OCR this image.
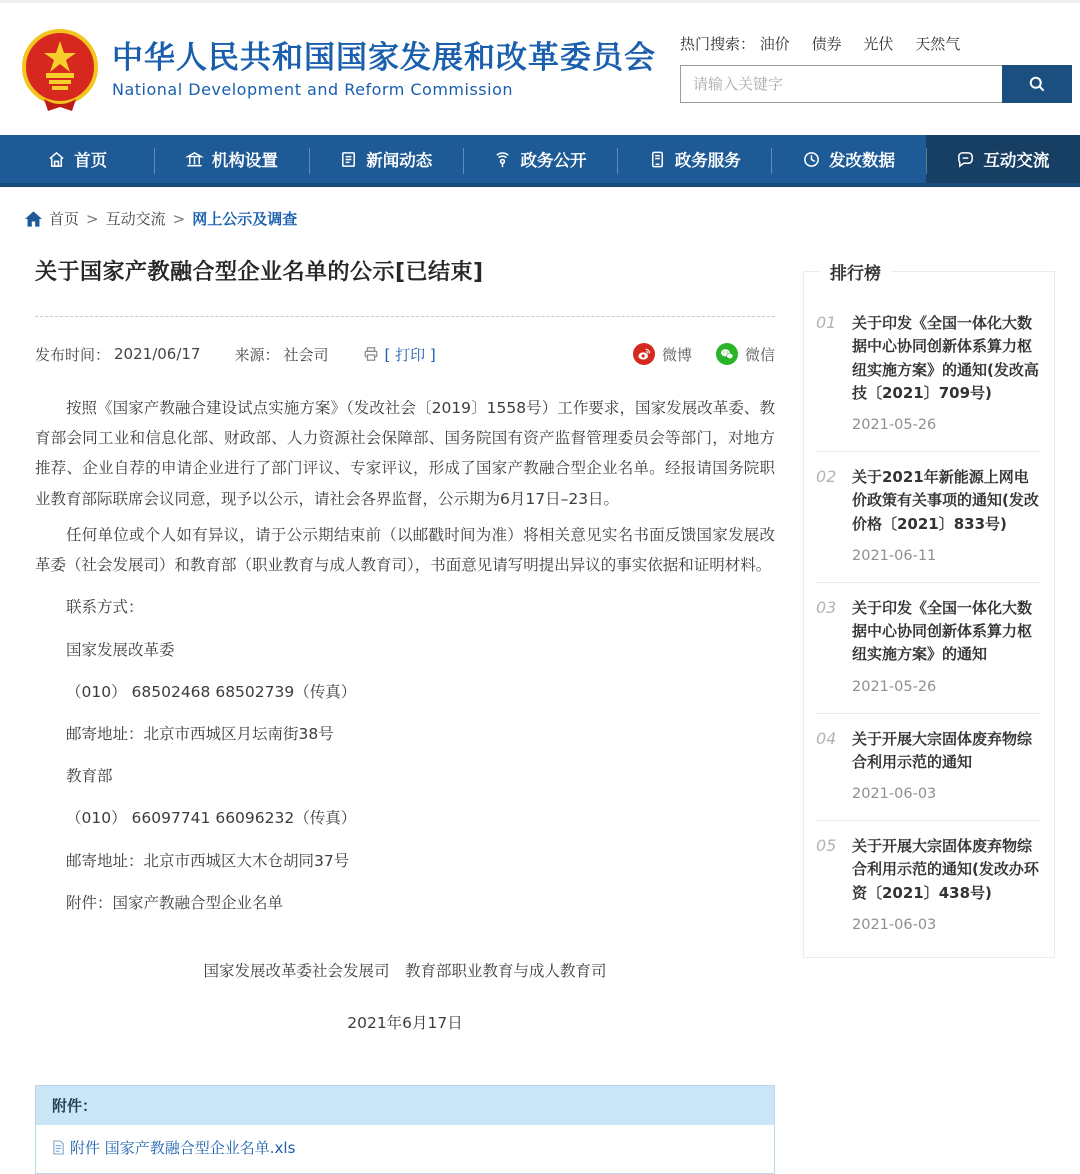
中华人民共和国国家发展和改革委员会
National Development and Reform Commission
热门搜索： 油价 债券 光伏 天然气
请输入关键字
首页	机构设置	新闻动态	政务公开	政务服务	发改数据	互动交流
首页 > 互动交流 > 网上公示及调查
关于国家产教融合型企业名单的公示[已结束]
发布时间： 2021/06/17 来源： 社会司	[ 打印 ]	微博	微信

按照《国家产教融合建设试点实施方案》（发改社会〔2019〕1558号）工作要求，国家发展改革委、教育部会同工业和信息化部、财政部、人力资源社会保障部、国务院国有资产监督管理委员会等部门，对地方推荐、企业自荐的申请企业进行了部门评议、专家评议，形成了国家产教融合型企业名单。经报请国务院职业教育部际联席会议同意，现予以公示，请社会各界监督，公示期为6月17日–23日。

任何单位或个人如有异议，请于公示期结束前（以邮戳时间为准）将相关意见实名书面反馈国家发展改革委（社会发展司）和教育部（职业教育与成人教育司），书面意见请写明提出异议的事实依据和证明材料。

联系方式：

国家发展改革委

（010） 68502468 68502739（传真）

邮寄地址：北京市西城区月坛南街38号

教育部

（010） 66097741 66096232（传真）

邮寄地址：北京市西城区大木仓胡同37号

附件：国家产教融合型企业名单

国家发展改革委社会发展司　教育部职业教育与成人教育司
2021年6月17日
附件：
附件 国家产教融合型企业名单.xls
排行榜
01	关于印发《全国一体化大数据中心协同创新体系算力枢纽实施方案》的通知(发改高技〔2021〕709号)
2021-05-26
02	关于2021年新能源上网电价政策有关事项的通知(发改价格〔2021〕833号)
2021-06-11
03	关于印发《全国一体化大数据中心协同创新体系算力枢纽实施方案》的通知
2021-05-26
04	关于开展大宗固体废弃物综合利用示范的通知
2021-06-03
05	关于开展大宗固体废弃物综合利用示范的通知(发改办环资〔2021〕438号)
2021-06-03
